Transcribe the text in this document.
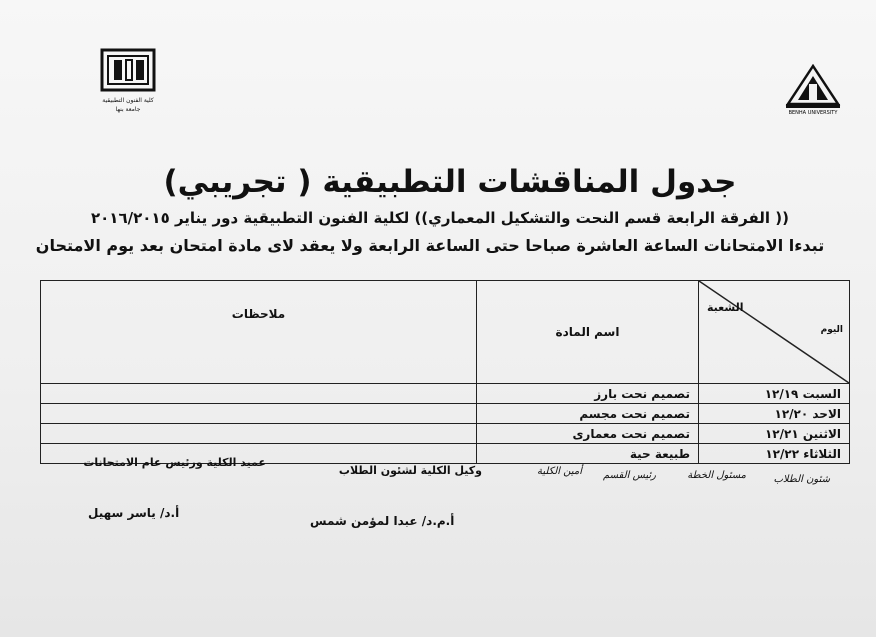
كلية الفنون التطبيقية
جامعة بنها	BENHA UNIVERSITY
جدول المناقشات التطبيقية ( تجريبي)
(( الفرقة الرابعة قسم النحت والتشكيل المعماري)) لكلية الفنون التطبيقية دور يناير ٢٠١٦/٢٠١٥
تبدءا الامتحانات الساعة العاشرة صباحا حتى الساعة الرابعة ولا يعقد لاى مادة امتحان بعد يوم الامتحان
الشعبة
اليوم	اسم المادة	ملاحظات
السبت ١٢/١٩	تصميم نحت بارز	
الاحد ١٢/٢٠	تصميم نحت مجسم	
الاثنين ١٢/٢١	تصميم نحت معمارى	
الثلاثاء ١٢/٢٢	طبيعة حية	
شئون الطلاب
مسئول الخطة
رئيس القسم
أمين الكلية
وكيل الكلية لشئون الطلاب
عميد الكلية ورئيس عام الامتحانات
أ.م.د/ عبدا لمؤمن شمس
أ.د/ ياسر سهيل
